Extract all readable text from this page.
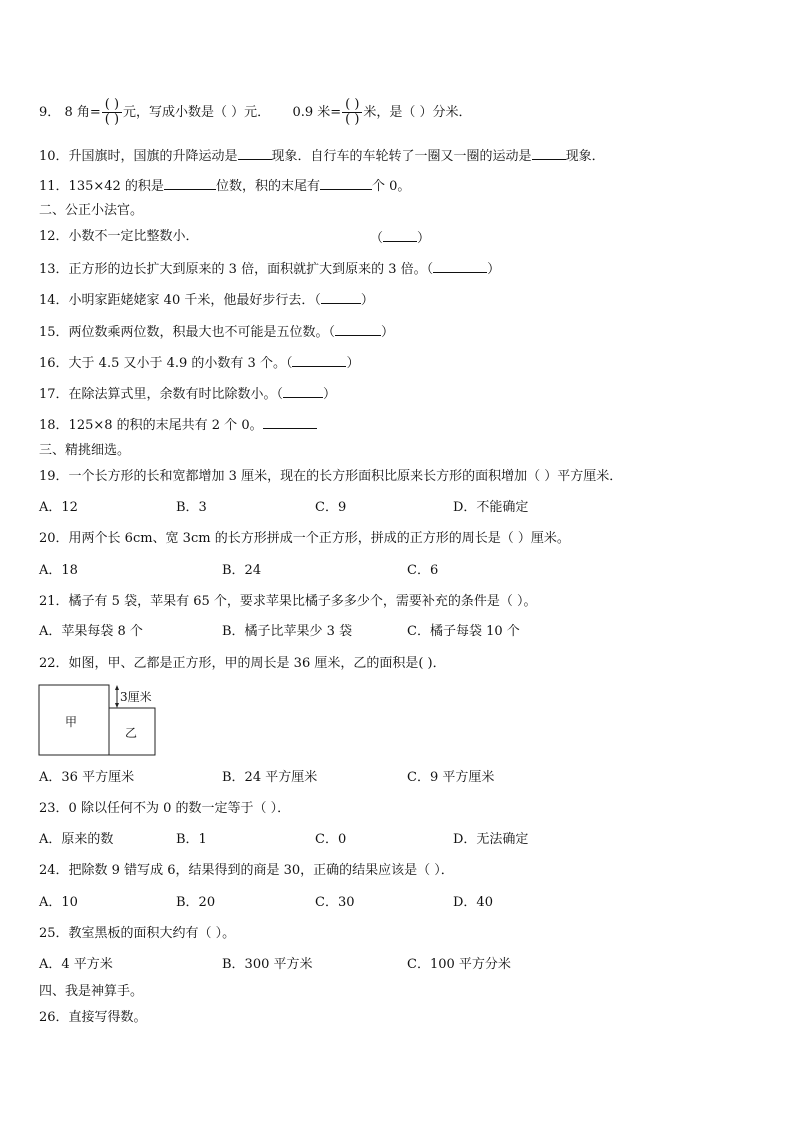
9． 8 角= $\frac{( )}{( )}$ 元，写成小数是（ ）元． 0.9 米= $\frac{( )}{( )}$ 米，是（ ）分米．
10．升国旗时，国旗的升降运动是	现象．自行车的车轮转了一圈又一圈的运动是	现象．
11．135×42 的积是	位数，积的末尾有	个 0。
二、公正小法官。
12．小数不一定比整数小．	（	）
13．正方形的边长扩大到原来的 3 倍，面积就扩大到原来的 3 倍。（	）
14．小明家距姥姥家 40 千米，他最好步行去．（	）
15．两位数乘两位数，积最大也不可能是五位数。（	）
16．大于 4.5 又小于 4.9 的小数有 3 个。（	）
17．在除法算式里，余数有时比除数小。（	）
18．125×8 的积的末尾共有 2 个 0。
三、精挑细选。
19．一个长方形的长和宽都增加 3 厘米，现在的长方形面积比原来长方形的面积增加（ ）平方厘米．
A．12	B．3	C．9	D．不能确定
20．用两个长 6cm、宽 3cm 的长方形拼成一个正方形，拼成的正方形的周长是（ ）厘米。
A．18	B．24	C．6
21．橘子有 5 袋，苹果有 65 个，要求苹果比橘子多多少个，需要补充的条件是（ ）。
A．苹果每袋 8 个	B．橘子比苹果少 3 袋	C．橘子每袋 10 个
22．如图，甲、乙都是正方形，甲的周长是 36 厘米，乙的面积是( )．
甲
乙
3厘米
A．36 平方厘米	B．24 平方厘米	C．9 平方厘米
23．0 除以任何不为 0 的数一定等于（ ）．
A．原来的数	B．1	C．0	D．无法确定
24．把除数 9 错写成 6，结果得到的商是 30，正确的结果应该是（ ）．
A．10	B．20	C．30	D．40
25．教室黑板的面积大约有（ ）。
A．4 平方米	B．300 平方米	C．100 平方分米
四、我是神算手。
26．直接写得数。
